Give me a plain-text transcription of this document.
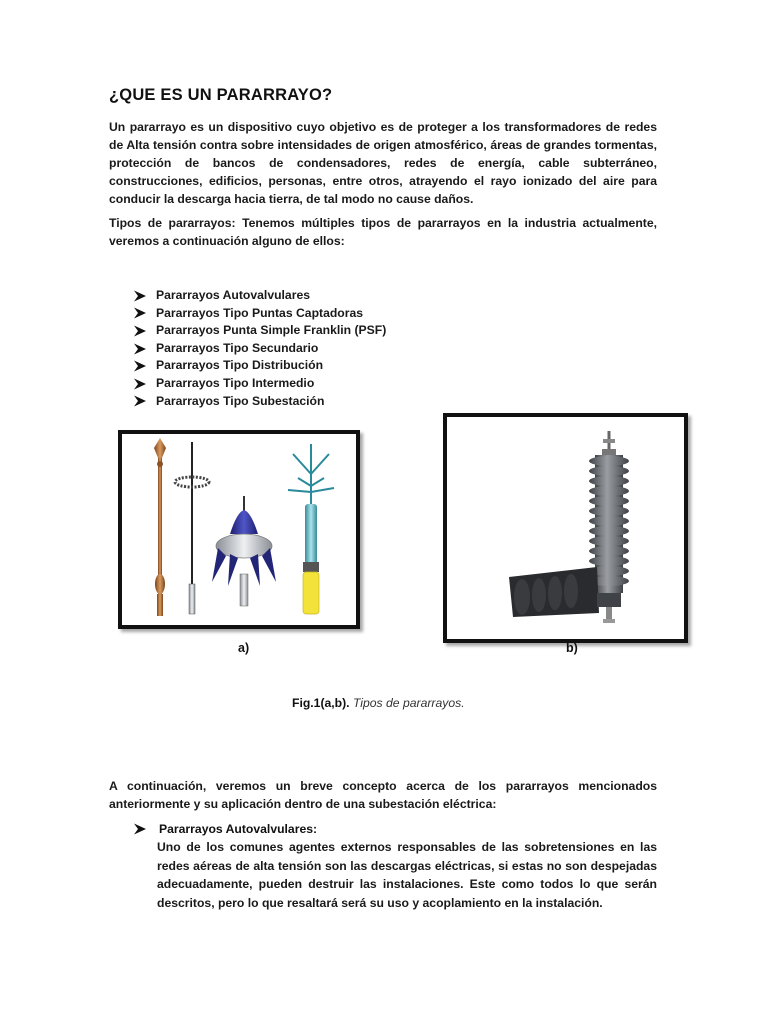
¿QUE ES UN PARARRAYO?
Un pararrayo es un dispositivo cuyo objetivo es de proteger a los transformadores de redes de Alta tensión contra sobre intensidades de origen atmosférico, áreas de grandes tormentas, protección de bancos de condensadores, redes de energía, cable subterráneo, construcciones, edificios, personas, entre otros, atrayendo el rayo ionizado del aire para conducir la descarga hacia tierra, de tal modo no cause daños.
Tipos de pararrayos: Tenemos múltiples tipos de pararrayos en la industria actualmente, veremos a continuación alguno de ellos:
Pararrayos Autovalvulares
Pararrayos Tipo Puntas Captadoras
Pararrayos Punta Simple Franklin (PSF)
Pararrayos Tipo Secundario
Pararrayos Tipo Distribución
Pararrayos Tipo Intermedio
Pararrayos Tipo Subestación
a)	b)
Fig.1(a,b). Tipos de pararrayos.
A continuación, veremos un breve concepto acerca de los pararrayos mencionados anteriormente y su aplicación dentro de una subestación eléctrica:
Pararrayos Autovalvulares:
Uno de los comunes agentes externos responsables de las sobretensiones en las redes aéreas de alta tensión son las descargas eléctricas, si estas no son despejadas adecuadamente, pueden destruir las instalaciones. Este como todos lo que serán descritos, pero lo que resaltará será su uso y acoplamiento en la instalación.
